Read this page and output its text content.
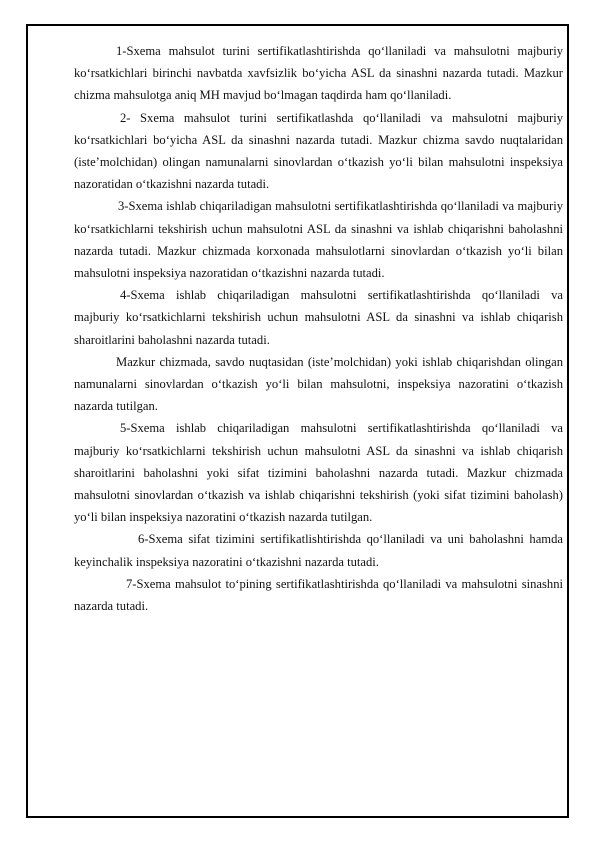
1-Sxema mahsulot turini sertifikatlashtirishda qo‘llaniladi va mahsulotni majburiy ko‘rsatkichlari birinchi navbatda xavfsizlik bo‘yicha ASL da sinashni nazarda tutadi. Mazkur chizma mahsulotga aniq MH mavjud bo‘lmagan taqdirda ham qo‘llaniladi.

2- Sxema mahsulot turini sertifikatlashda qo‘llaniladi va mahsulotni majburiy ko‘rsatkichlari bo‘yicha ASL da sinashni nazarda tutadi. Mazkur chizma savdo nuqtalaridan (iste’molchidan) olingan namunalarni sinovlardan o‘tkazish yo‘li bilan mahsulotni inspeksiya nazoratidan o‘tkazishni nazarda tutadi.

3-Sxema ishlab chiqariladigan mahsulotni sertifikatlashtirishda qo‘llaniladi va majburiy ko‘rsatkichlarni tekshirish uchun mahsulotni ASL da sinashni va ishlab chiqarishni baholashni nazarda tutadi. Mazkur chizmada korxonada mahsulotlarni sinovlardan o‘tkazish yo‘li bilan mahsulotni inspeksiya nazoratidan o‘tkazishni nazarda tutadi.

4-Sxema ishlab chiqariladigan mahsulotni sertifikatlashtirishda qo‘llaniladi va majburiy ko‘rsatkichlarni tekshirish uchun mahsulotni ASL da sinashni va ishlab chiqarish sharoitlarini baholashni nazarda tutadi.

Mazkur chizmada, savdo nuqtasidan (iste’molchidan) yoki ishlab chiqarishdan olingan namunalarni sinovlardan o‘tkazish yo‘li bilan mahsulotni, inspeksiya nazoratini o‘tkazish nazarda tutilgan.

5-Sxema ishlab chiqariladigan mahsulotni sertifikatlashtirishda qo‘llaniladi va majburiy ko‘rsatkichlarni tekshirish uchun mahsulotni ASL da sinashni va ishlab chiqarish sharoitlarini baholashni yoki sifat tizimini baholashni nazarda tutadi. Mazkur chizmada mahsulotni sinovlardan o‘tkazish va ishlab chiqarishni tekshirish (yoki sifat tizimini baholash) yo‘li bilan inspeksiya nazoratini o‘tkazish nazarda tutilgan.

6-Sxema sifat tizimini sertifikatlishtirishda qo‘llaniladi va uni baholashni hamda keyinchalik inspeksiya nazoratini o‘tkazishni nazarda tutadi.

7-Sxema mahsulot to‘pining sertifikatlashtirishda qo‘llaniladi va mahsulotni sinashni nazarda tutadi.
